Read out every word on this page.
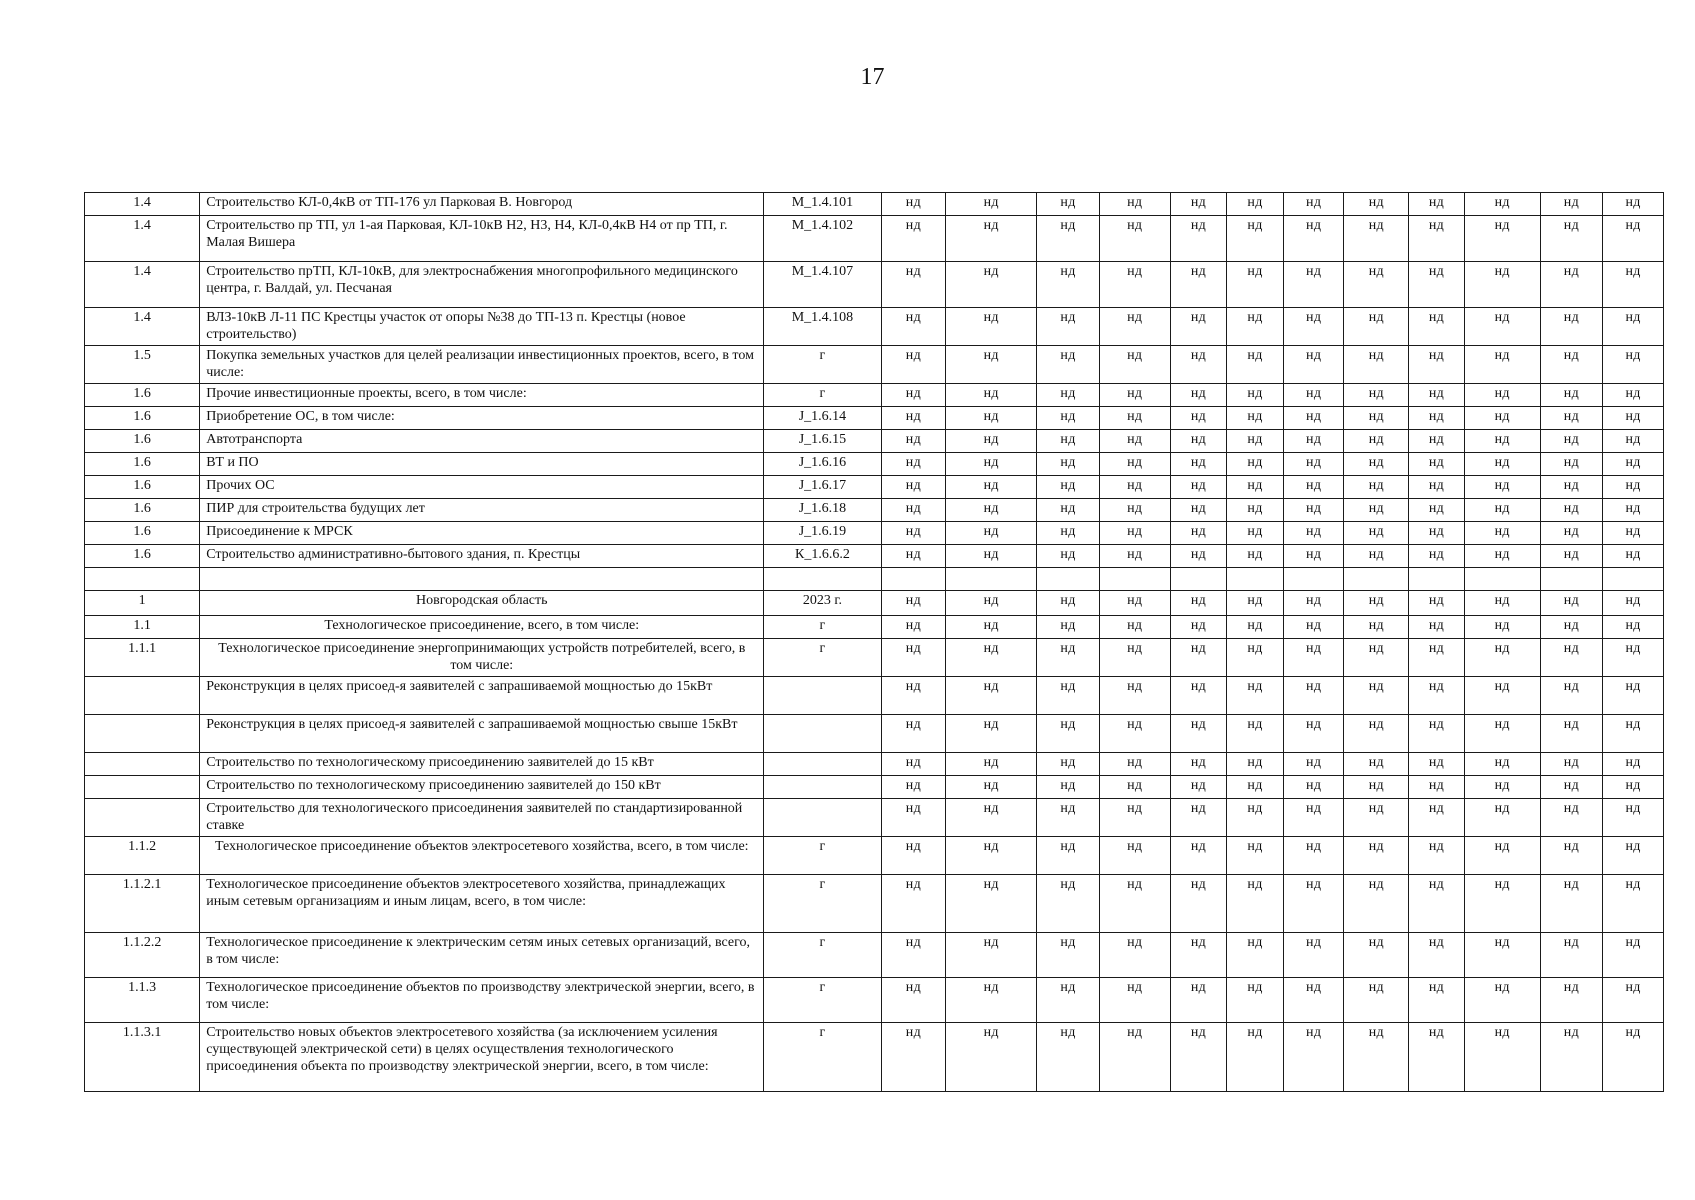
17
1.4	Строительство КЛ-0,4кВ от ТП-176 ул Парковая В. Новгород	М_1.4.101	нд	нд	нд	нд	нд	нд	нд	нд	нд	нд	нд	нд
1.4	Строительство пр ТП, ул 1-ая Парковая, КЛ-10кВ Н2, Н3, Н4, КЛ-0,4кВ Н4 от пр ТП, г. Малая Вишера	М_1.4.102	нд	нд	нд	нд	нд	нд	нд	нд	нд	нд	нд	нд
1.4	Строительство прТП, КЛ-10кВ, для электроснабжения многопрофильного медицинского центра, г. Валдай, ул. Песчаная	М_1.4.107	нд	нд	нд	нд	нд	нд	нд	нд	нд	нд	нд	нд
1.4	ВЛЗ-10кВ Л-11 ПС Крестцы участок от опоры №38 до ТП-13 п. Крестцы (новое строительство)	М_1.4.108	нд	нд	нд	нд	нд	нд	нд	нд	нд	нд	нд	нд
1.5	Покупка земельных участков для целей реализации инвестиционных проектов, всего, в том числе:	г	нд	нд	нд	нд	нд	нд	нд	нд	нд	нд	нд	нд
1.6	Прочие инвестиционные проекты, всего, в том числе:	г	нд	нд	нд	нд	нд	нд	нд	нд	нд	нд	нд	нд
1.6	Приобретение ОС, в том числе:	J_1.6.14	нд	нд	нд	нд	нд	нд	нд	нд	нд	нд	нд	нд
1.6	Автотранспорта	J_1.6.15	нд	нд	нд	нд	нд	нд	нд	нд	нд	нд	нд	нд
1.6	ВТ и ПО	J_1.6.16	нд	нд	нд	нд	нд	нд	нд	нд	нд	нд	нд	нд
1.6	Прочих ОС	J_1.6.17	нд	нд	нд	нд	нд	нд	нд	нд	нд	нд	нд	нд
1.6	ПИР для строительства будущих лет	J_1.6.18	нд	нд	нд	нд	нд	нд	нд	нд	нд	нд	нд	нд
1.6	Присоединение к МРСК	J_1.6.19	нд	нд	нд	нд	нд	нд	нд	нд	нд	нд	нд	нд
1.6	Строительство административно-бытового здания, п. Крестцы	К_1.6.6.2	нд	нд	нд	нд	нд	нд	нд	нд	нд	нд	нд	нд

1	Новгородская область	2023 г.	нд	нд	нд	нд	нд	нд	нд	нд	нд	нд	нд	нд
1.1	Технологическое присоединение, всего, в том числе:	г	нд	нд	нд	нд	нд	нд	нд	нд	нд	нд	нд	нд
1.1.1	Технологическое присоединение энергопринимающих устройств потребителей, всего, в том числе:	г	нд	нд	нд	нд	нд	нд	нд	нд	нд	нд	нд	нд
	Реконструкция в целях присоед-я заявителей с запрашиваемой мощностью до 15кВт		нд	нд	нд	нд	нд	нд	нд	нд	нд	нд	нд	нд
	Реконструкция в целях присоед-я заявителей с запрашиваемой мощностью свыше 15кВт		нд	нд	нд	нд	нд	нд	нд	нд	нд	нд	нд	нд
	Строительство по технологическому присоединению заявителей до 15 кВт		нд	нд	нд	нд	нд	нд	нд	нд	нд	нд	нд	нд
	Строительство по технологическому присоединению заявителей до 150 кВт		нд	нд	нд	нд	нд	нд	нд	нд	нд	нд	нд	нд
	Строительство для технологического присоединения заявителей по стандартизированной ставке		нд	нд	нд	нд	нд	нд	нд	нд	нд	нд	нд	нд
1.1.2	Технологическое присоединение объектов электросетевого хозяйства, всего, в том числе:	г	нд	нд	нд	нд	нд	нд	нд	нд	нд	нд	нд	нд
1.1.2.1	Технологическое присоединение объектов электросетевого хозяйства, принадлежащих иным сетевым организациям и иным лицам, всего, в том числе:	г	нд	нд	нд	нд	нд	нд	нд	нд	нд	нд	нд	нд
1.1.2.2	Технологическое присоединение к электрическим сетям иных сетевых организаций, всего, в том числе:	г	нд	нд	нд	нд	нд	нд	нд	нд	нд	нд	нд	нд
1.1.3	Технологическое присоединение объектов по производству электрической энергии, всего, в том числе:	г	нд	нд	нд	нд	нд	нд	нд	нд	нд	нд	нд	нд
1.1.3.1	Строительство новых объектов электросетевого хозяйства (за исключением усиления существующей электрической сети) в целях осуществления технологического присоединения объекта по производству электрической энергии, всего, в том числе:	г	нд	нд	нд	нд	нд	нд	нд	нд	нд	нд	нд	нд
